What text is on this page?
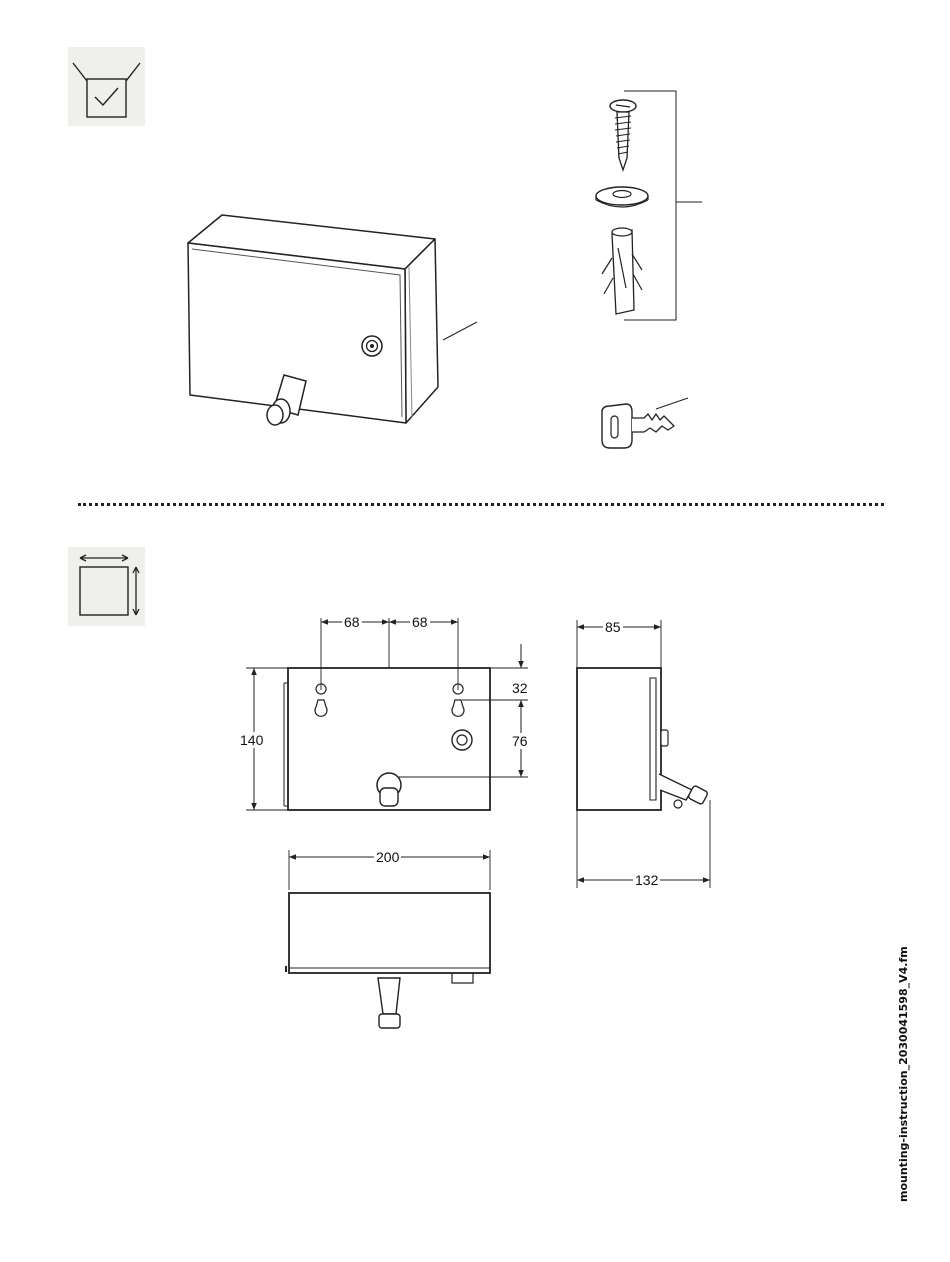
68	68
140
32
76
200
85
132
mounting-instruction_2030041598_V4.fm
